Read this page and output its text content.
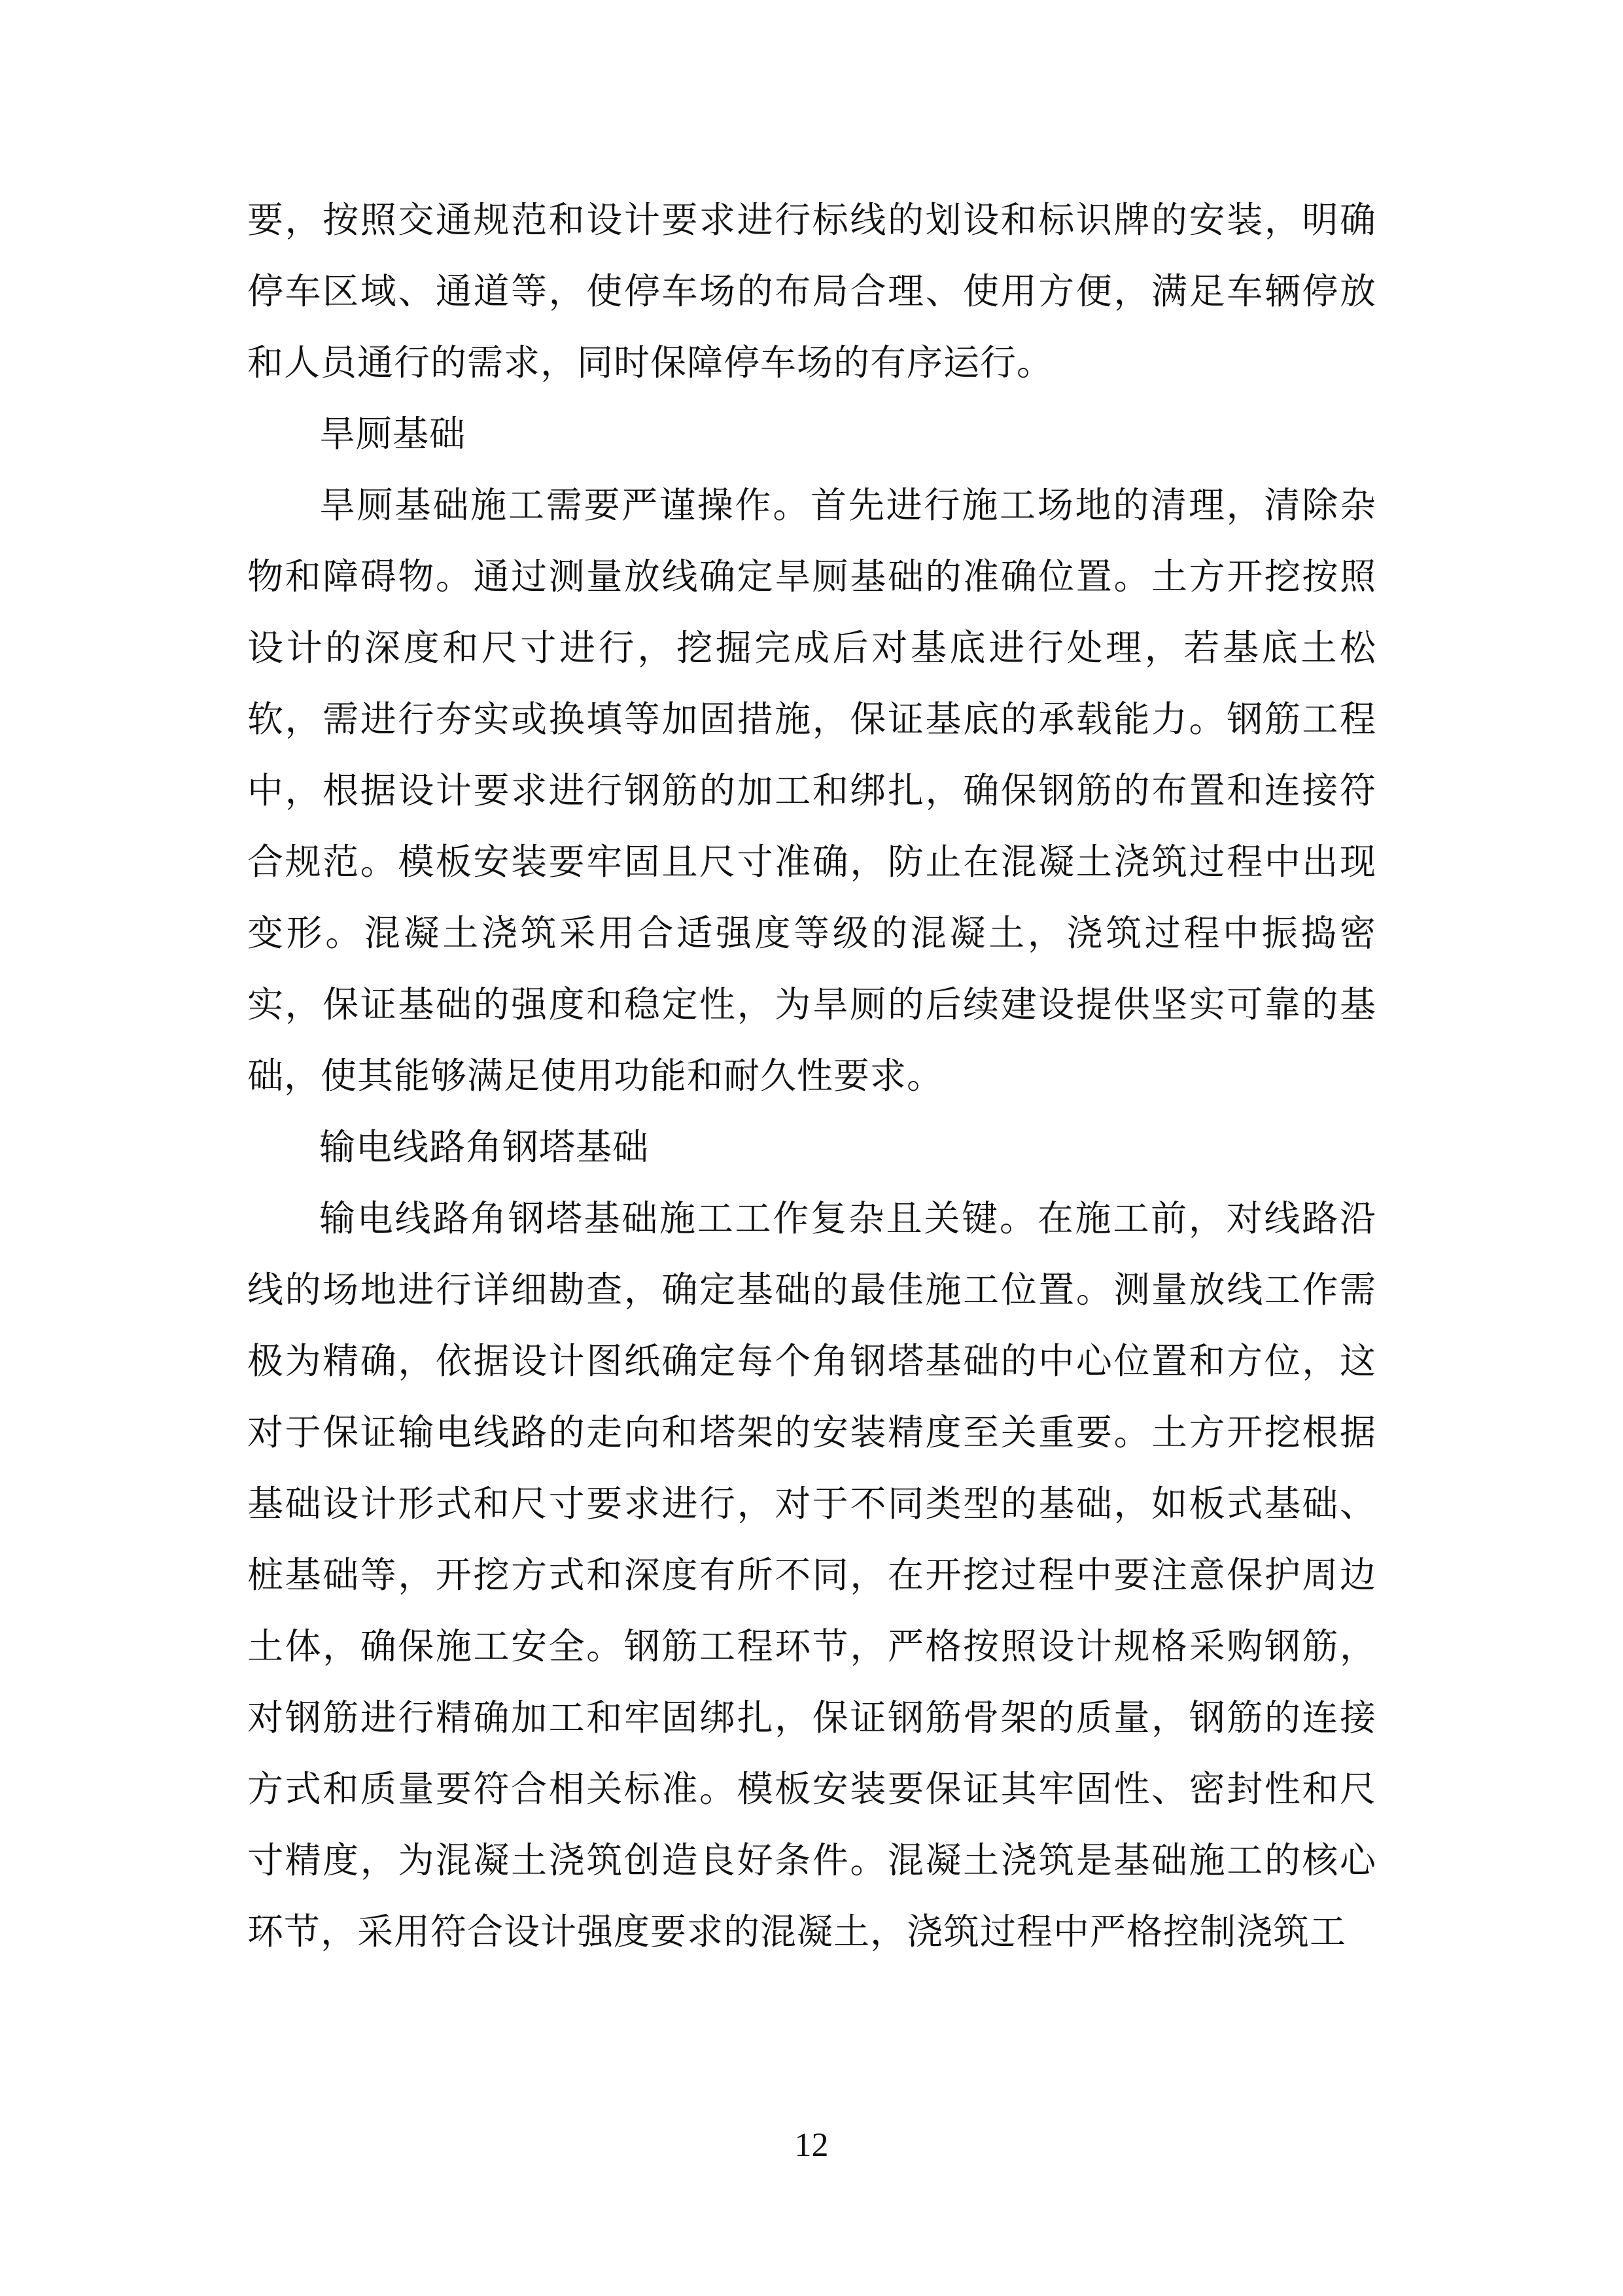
要，按照交通规范和设计要求进行标线的划设和标识牌的安装，明确停车区域、通道等，使停车场的布局合理、使用方便，满足车辆停放和人员通行的需求，同时保障停车场的有序运行。

旱厕基础

旱厕基础施工需要严谨操作。首先进行施工场地的清理，清除杂物和障碍物。通过测量放线确定旱厕基础的准确位置。土方开挖按照设计的深度和尺寸进行，挖掘完成后对基底进行处理，若基底土松软，需进行夯实或换填等加固措施，保证基底的承载能力。钢筋工程中，根据设计要求进行钢筋的加工和绑扎，确保钢筋的布置和连接符合规范。模板安装要牢固且尺寸准确，防止在混凝土浇筑过程中出现变形。混凝土浇筑采用合适强度等级的混凝土，浇筑过程中振捣密实，保证基础的强度和稳定性，为旱厕的后续建设提供坚实可靠的基础，使其能够满足使用功能和耐久性要求。

输电线路角钢塔基础

输电线路角钢塔基础施工工作复杂且关键。在施工前，对线路沿线的场地进行详细勘查，确定基础的最佳施工位置。测量放线工作需极为精确，依据设计图纸确定每个角钢塔基础的中心位置和方位，这对于保证输电线路的走向和塔架的安装精度至关重要。土方开挖根据基础设计形式和尺寸要求进行，对于不同类型的基础，如板式基础、桩基础等，开挖方式和深度有所不同，在开挖过程中要注意保护周边土体，确保施工安全。钢筋工程环节，严格按照设计规格采购钢筋，对钢筋进行精确加工和牢固绑扎，保证钢筋骨架的质量，钢筋的连接方式和质量要符合相关标准。模板安装要保证其牢固性、密封性和尺寸精度，为混凝土浇筑创造良好条件。混凝土浇筑是基础施工的核心环节，采用符合设计强度要求的混凝土，浇筑过程中严格控制浇筑工

12
